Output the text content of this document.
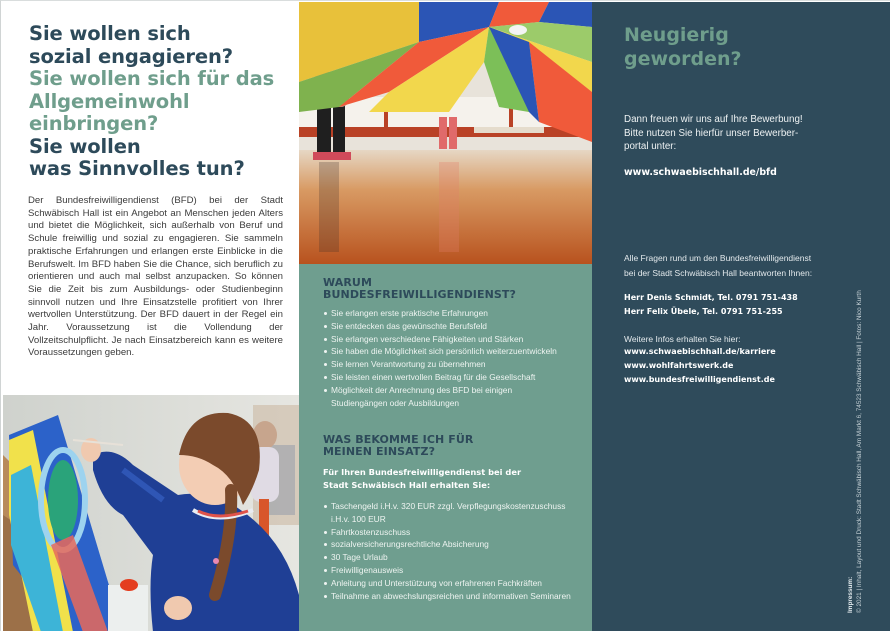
Sie wollen sich
sozial engagieren?
Sie wollen sich für das
Allgemeinwohl
einbringen?
Sie wollen
was Sinnvolles tun?

Der Bundesfreiwilligendienst (BFD) bei der Stadt Schwäbisch Hall ist ein Angebot an Menschen jeden Alters und bietet die Möglichkeit, sich außerhalb von Beruf und Schule freiwillig und sozial zu engagieren. Sie sammeln praktische Erfahrungen und erlangen erste Einblicke in die Berufswelt. Im BFD haben Sie die Chance, sich beruflich zu orientieren und auch mal selbst anzupacken. So können Sie die Zeit bis zum Ausbildungs- oder Studienbeginn sinnvoll nutzen und Ihre Einsatzstelle profitiert von Ihrer wertvollen Unterstützung. Der BFD dauert in der Regel ein Jahr. Voraussetzung ist die Vollendung der Vollzeitschulpflicht. Je nach Einsatzbereich kann es weitere Voraussetzungen geben.

WARUM
BUNDESFREIWILLIGENDIENST?
Sie erlangen erste praktische Erfahrungen
Sie entdecken das gewünschte Berufsfeld
Sie erlangen verschiedene Fähigkeiten und Stärken
Sie haben die Möglichkeit sich persönlich weiterzuentwickeln
Sie lernen Verantwortung zu übernehmen
Sie leisten einen wertvollen Beitrag für die Gesellschaft
Möglichkeit der Anrechnung des BFD bei einigen Studiengängen oder Ausbildungen
WAS BEKOMME ICH FÜR
MEINEN EINSATZ?
Für Ihren Bundesfreiwilligendienst bei der
Stadt Schwäbisch Hall erhalten Sie:
Taschengeld i.H.v. 320 EUR zzgl. Verpflegungskostenzuschuss i.H.v. 100 EUR
Fahrtkostenzuschuss
sozialversicherungsrechtliche Absicherung
30 Tage Urlaub
Freiwilligenausweis
Anleitung und Unterstützung von erfahrenen Fachkräften
Teilnahme an abwechslungsreichen und informativen Seminaren
Neugierig
geworden?
Dann freuen wir uns auf Ihre Bewerbung!
Bitte nutzen Sie hierfür unser Bewerber-
portal unter:
www.schwaebischhall.de/bfd
Alle Fragen rund um den Bundesfreiwilligendienst
bei der Stadt Schwäbisch Hall beantworten Ihnen:
Herr Denis Schmidt, Tel. 0791 751-438
Herr Felix Übele, Tel. 0791 751-255
Weitere Infos erhalten Sie hier:
www.schwaebischhall.de/karriere
www.wohlfahrtswerk.de
www.bundesfreiwilligendienst.de
Impressum: © 2021 | Inhalt, Layout und Druck: Stadt Schwäbisch Hall, Am Markt 6, 74523 Schwäbisch Hall | Fotos: Nico Kurth
